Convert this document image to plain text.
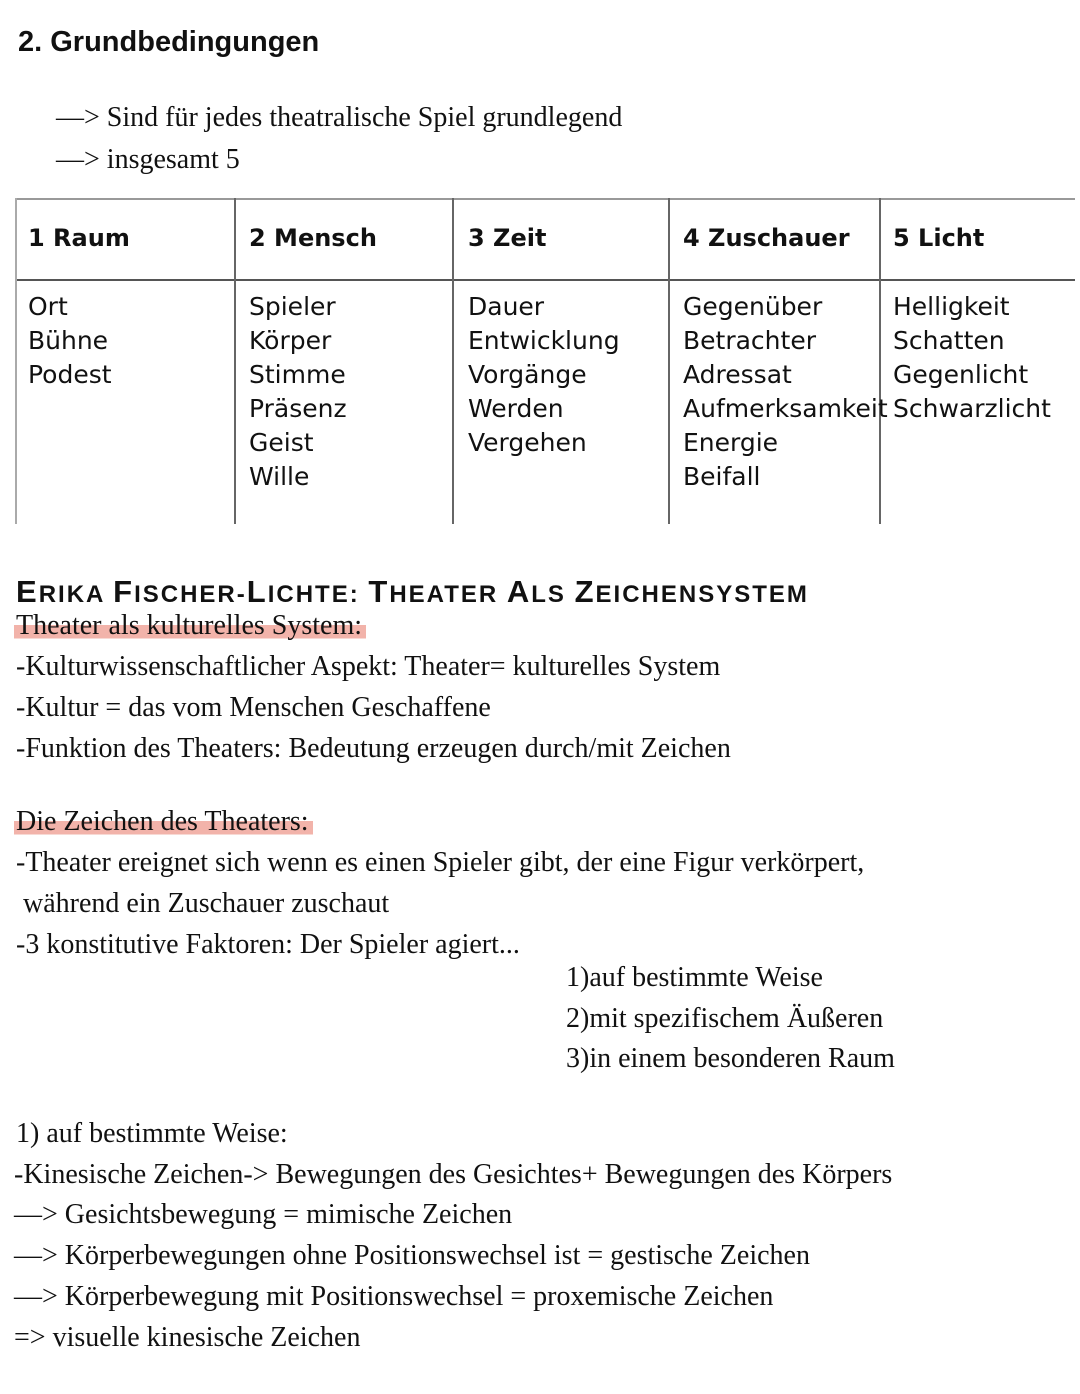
2. Grundbedingungen
—> Sind für jedes theatralische Spiel grundlegend
—> insgesamt 5
1 Raum
Ort
Bühne
Podest
2 Mensch
Spieler
Körper
Stimme
Präsenz
Geist
Wille
3 Zeit
Dauer
Entwicklung
Vorgänge
Werden
Vergehen
4 Zuschauer
Gegenüber
Betrachter
Adressat
Aufmerksamkeit
Energie
Beifall
5 Licht
Helligkeit
Schatten
Gegenlicht
Schwarzlicht
ERIKA FISCHER-LICHTE: THEATER ALS ZEICHENSYSTEM
Theater als kulturelles System:
-Kulturwissenschaftlicher Aspekt: Theater= kulturelles System
-Kultur = das vom Menschen Geschaffene
-Funktion des Theaters: Bedeutung erzeugen durch/mit Zeichen
Die Zeichen des Theaters:
-Theater ereignet sich wenn es einen Spieler gibt, der eine Figur verkörpert,
während ein Zuschauer zuschaut
-3 konstitutive Faktoren: Der Spieler agiert...
1)auf bestimmte Weise
2)mit spezifischem Äußeren
3)in einem besonderen Raum
1) auf bestimmte Weise:
-Kinesische Zeichen-> Bewegungen des Gesichtes+ Bewegungen des Körpers
—> Gesichtsbewegung = mimische Zeichen
—> Körperbewegungen ohne Positionswechsel ist = gestische Zeichen
—> Körperbewegung mit Positionswechsel = proxemische Zeichen
=> visuelle kinesische Zeichen
